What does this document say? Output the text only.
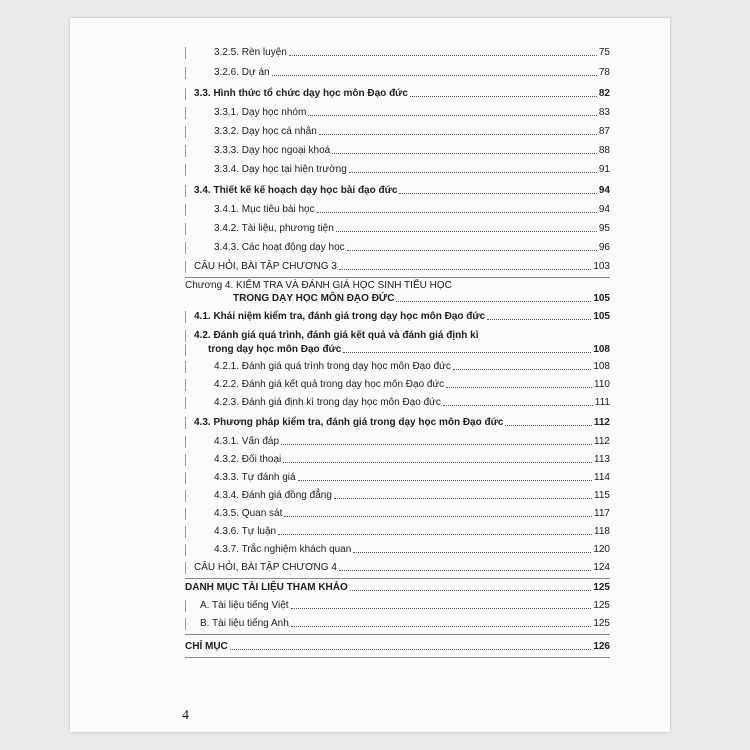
3.2.5. Rèn luyện	75
3.2.6. Dự án	78
3.3. Hình thức tổ chức dạy học môn Đạo đức	82
3.3.1. Dạy học nhóm	83
3.3.2. Dạy học cá nhân	87
3.3.3. Dạy học ngoại khoá	88
3.3.4. Dạy học tại hiện trường	91
3.4. Thiết kế kế hoạch dạy học bài đạo đức	94
3.4.1. Mục tiêu bài học	94
3.4.2. Tài liệu, phương tiện	95
3.4.3. Các hoạt động dạy học	96
CÂU HỎI, BÀI TẬP CHƯƠNG 3	103
Chương 4. KIỂM TRA VÀ ĐÁNH GIÁ HỌC SINH TIỂU HỌC
TRONG DẠY HỌC MÔN ĐẠO ĐỨC	105
4.1. Khái niệm kiểm tra, đánh giá trong dạy học môn Đạo đức	105
4.2. Đánh giá quá trình, đánh giá kết quả và đánh giá định kì
trong dạy học môn Đạo đức	108
4.2.1. Đánh giá quá trình trong dạy học môn Đạo đức	108
4.2.2. Đánh giá kết quả trong dạy học môn Đạo đức	110
4.2.3. Đánh giá định kì trong dạy học môn Đạo đức	111
4.3. Phương pháp kiểm tra, đánh giá trong dạy học môn Đạo đức	112
4.3.1. Vấn đáp	112
4.3.2. Đối thoại	113
4.3.3. Tự đánh giá	114
4.3.4. Đánh giá đồng đẳng	115
4.3.5. Quan sát	117
4.3.6. Tự luận	118
4.3.7. Trắc nghiệm khách quan	120
CÂU HỎI, BÀI TẬP CHƯƠNG 4	124
DANH MỤC TÀI LIỆU THAM KHẢO	125
A. Tài liệu tiếng Việt	125
B. Tài liệu tiếng Anh	125
CHỈ MỤC	126
4
